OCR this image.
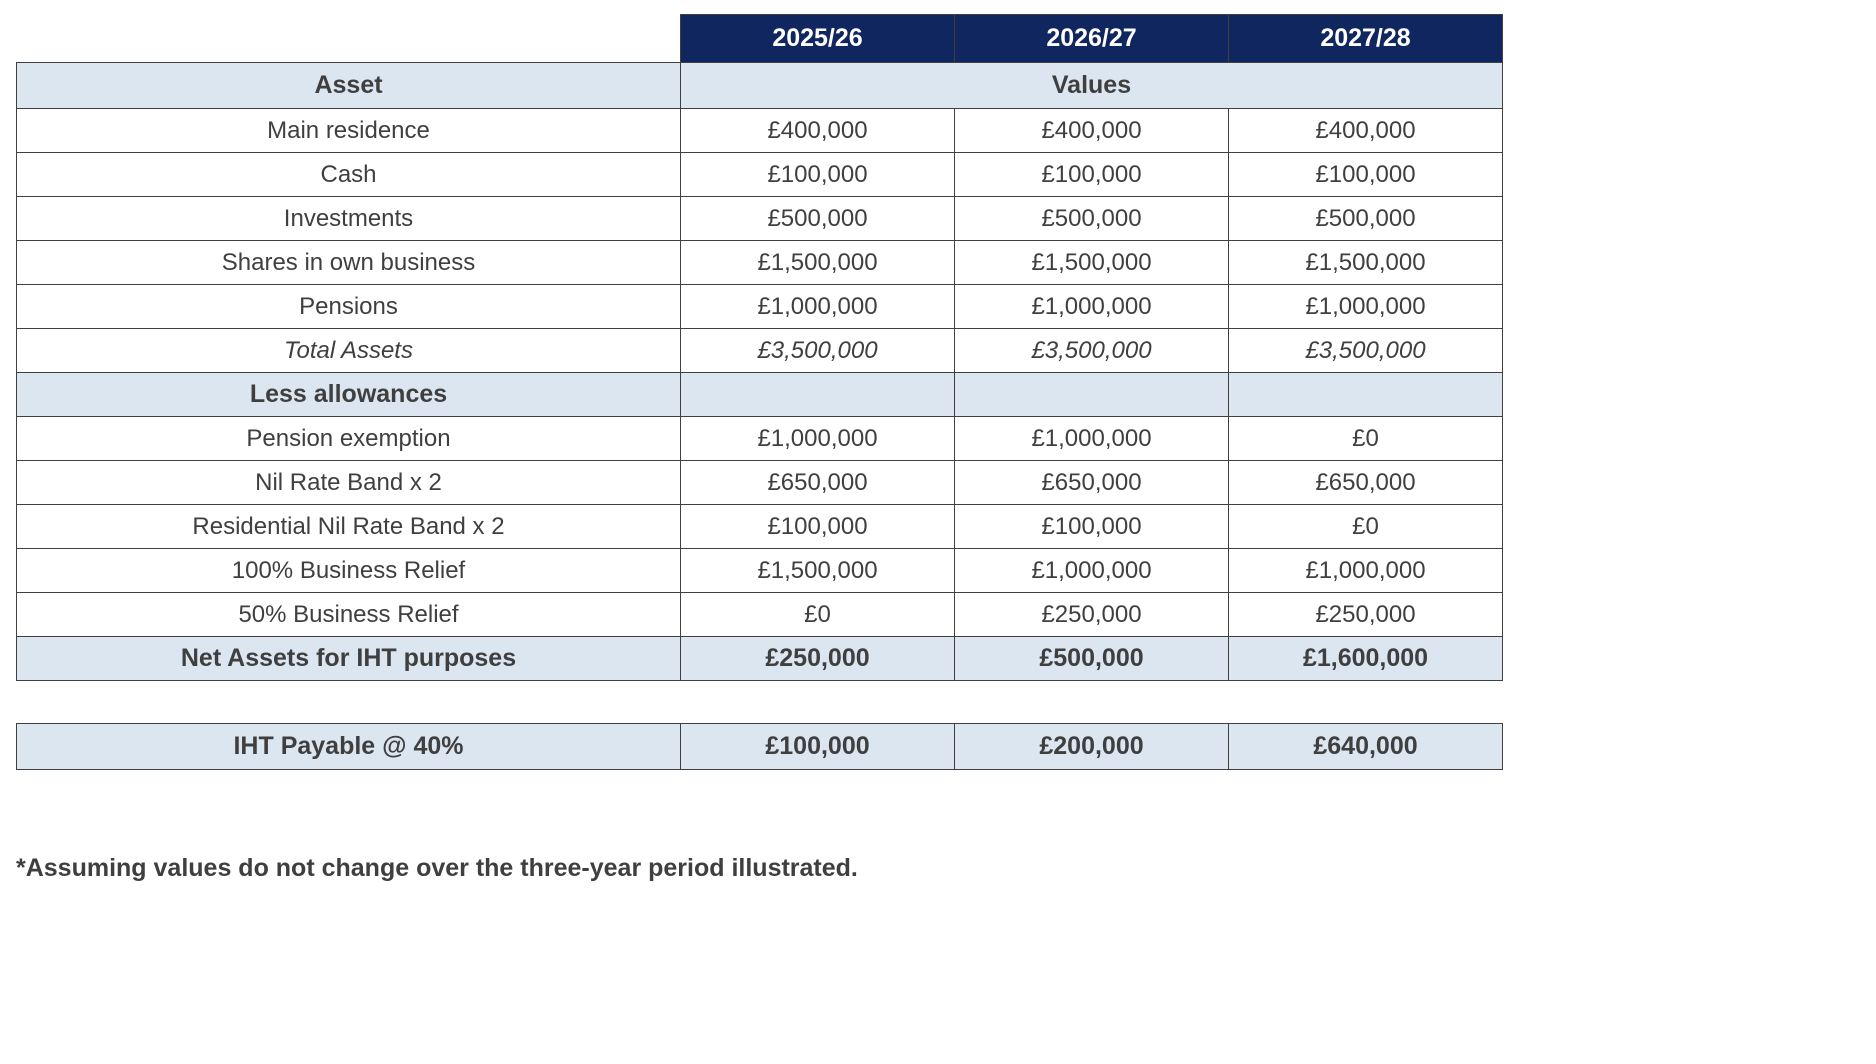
	2025/26	2026/27	2027/28
Asset	Values		
Main residence	£400,000	£400,000	£400,000
Cash	£100,000	£100,000	£100,000
Investments	£500,000	£500,000	£500,000
Shares in own business	£1,500,000	£1,500,000	£1,500,000
Pensions	£1,000,000	£1,000,000	£1,000,000
Total Assets	£3,500,000	£3,500,000	£3,500,000
Less allowances			
Pension exemption	£1,000,000	£1,000,000	£0
Nil Rate Band x 2	£650,000	£650,000	£650,000
Residential Nil Rate Band x 2	£100,000	£100,000	£0
100% Business Relief	£1,500,000	£1,000,000	£1,000,000
50% Business Relief	£0	£250,000	£250,000
Net Assets for IHT purposes	£250,000	£500,000	£1,600,000
IHT Payable @ 40%	£100,000	£200,000	£640,000

*Assuming values do not change over the three-year period illustrated.
